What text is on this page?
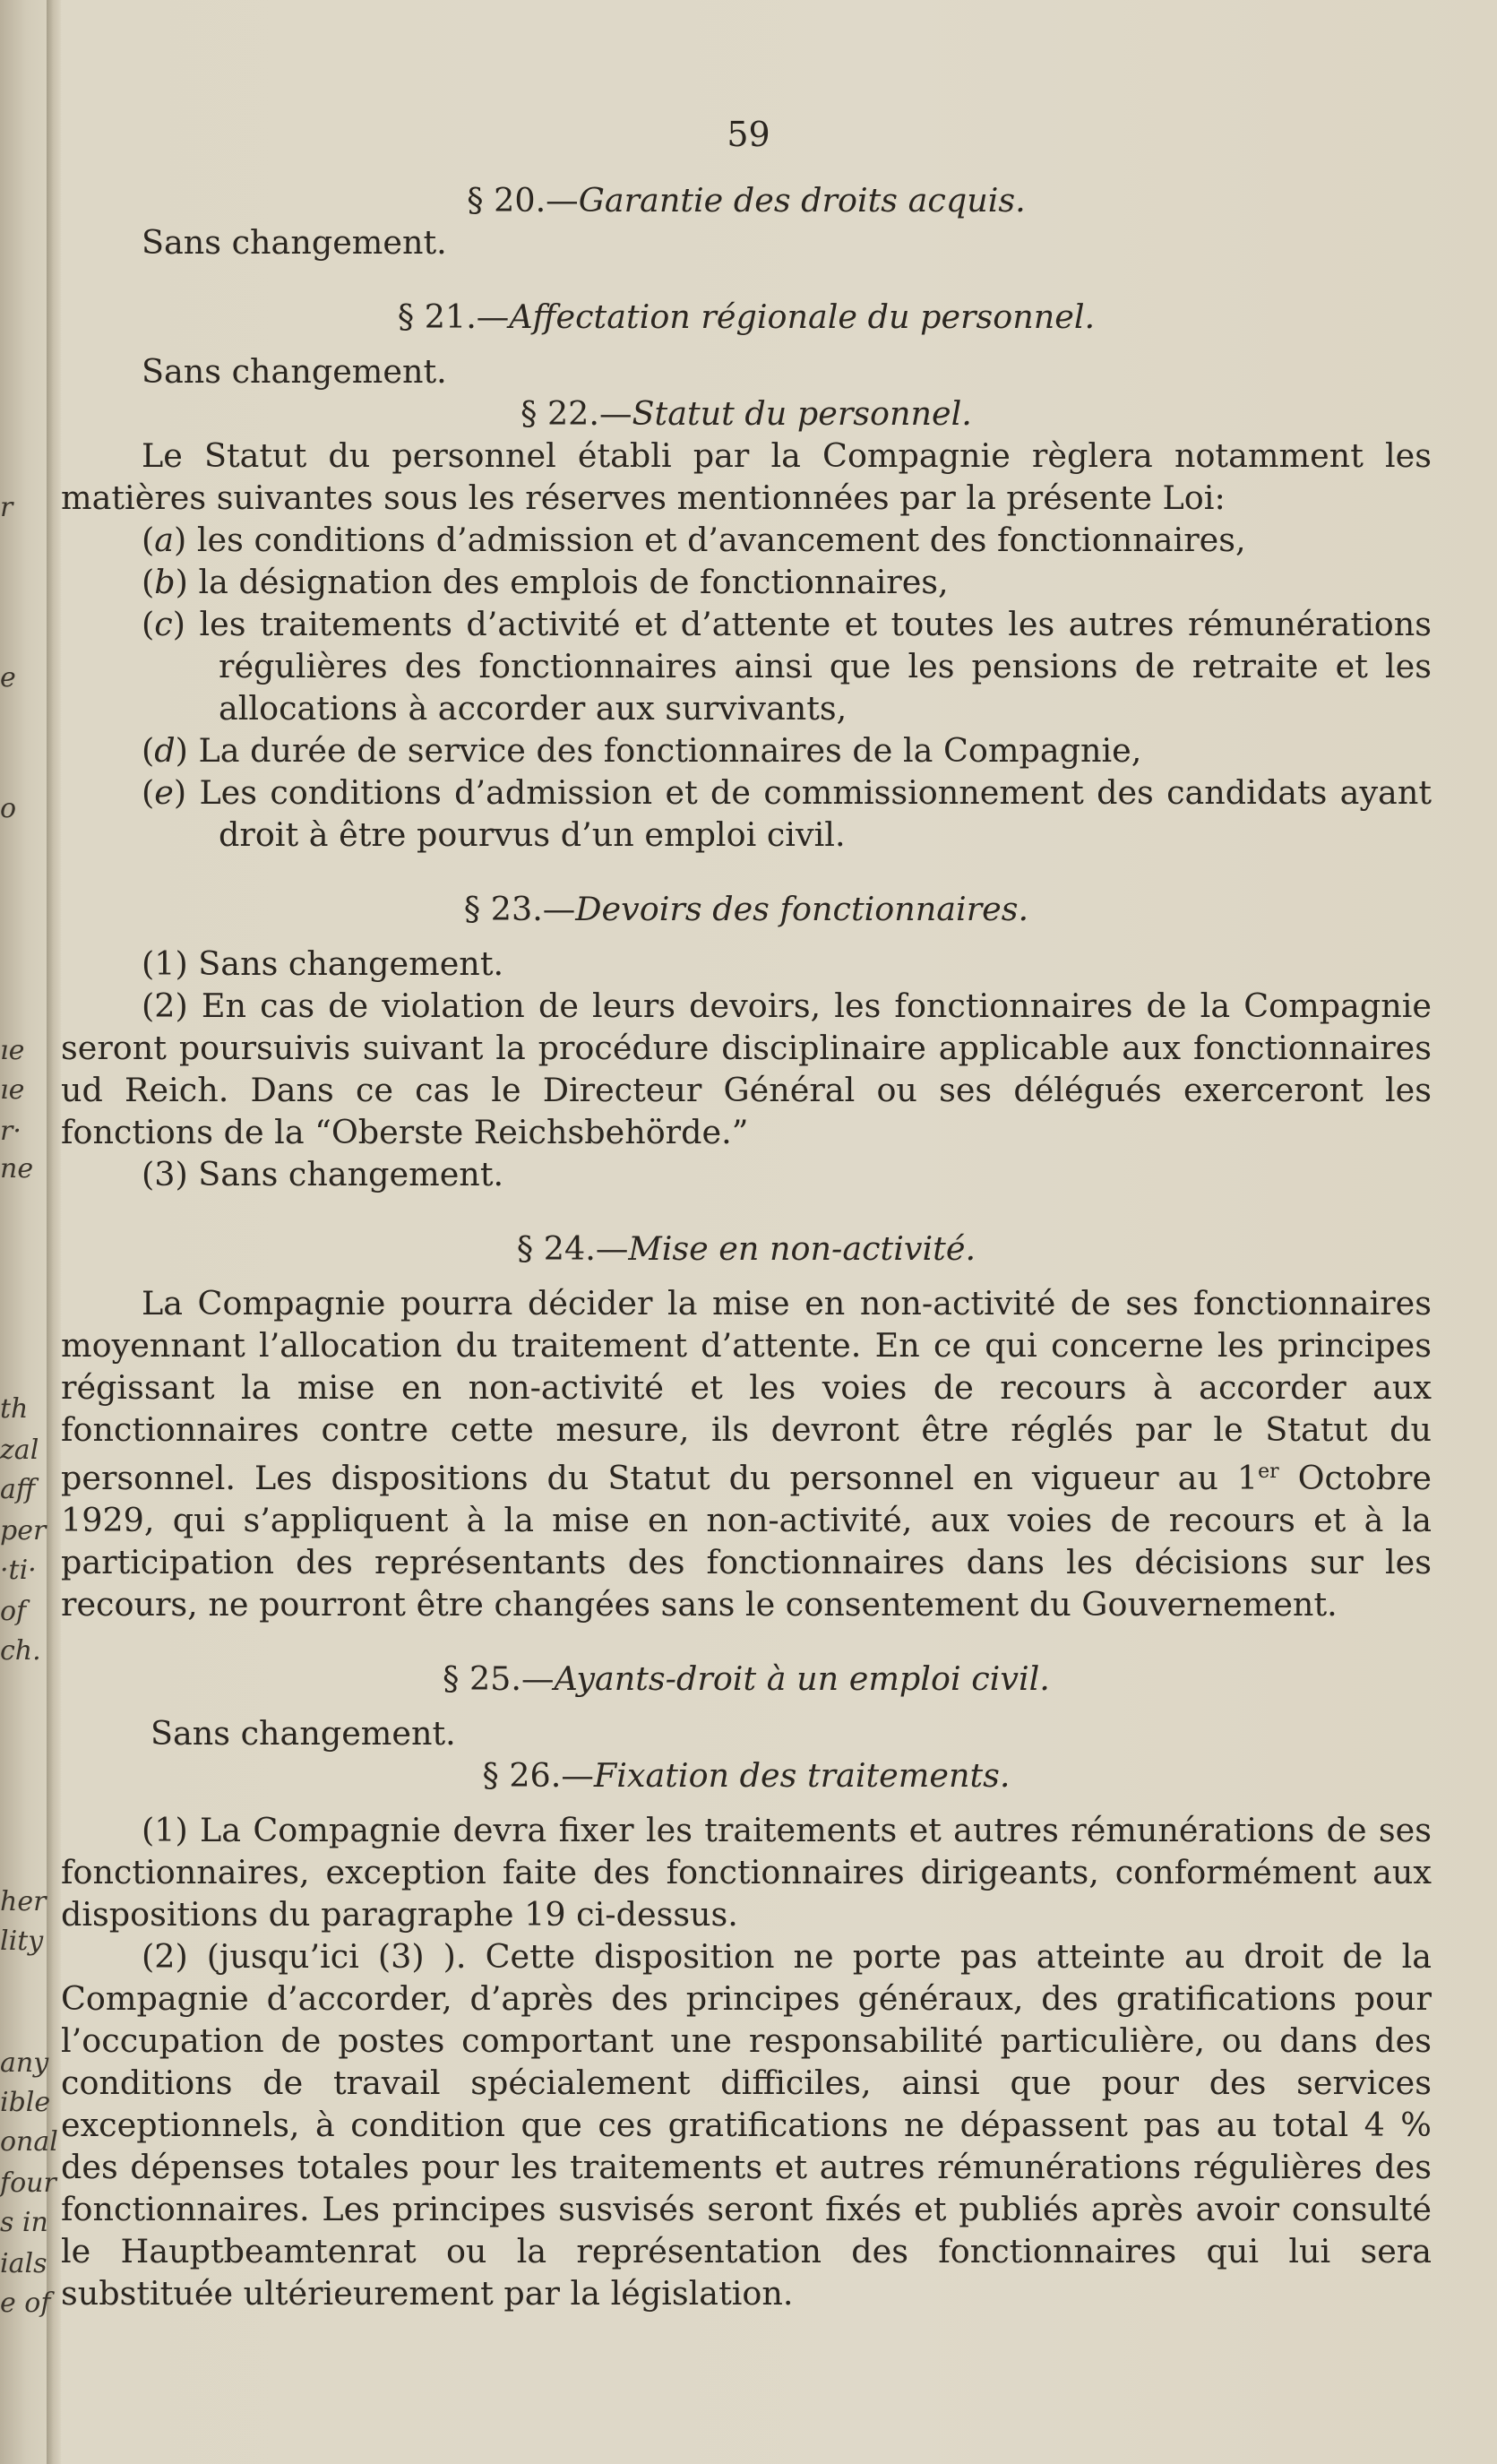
r
e
o
ıe
ıe
r·
ne
th
zal
aff
per
·ti·
of
ch.
her
lity
any
ible
onal
four
s in
ials
e of
59
§ 20.—Garantie des droits acquis.

Sans changement.

§ 21.—Affectation régionale du personnel.

Sans changement.

§ 22.—Statut du personnel.

Le Statut du personnel établi par la Compagnie règlera notamment les matières suivantes sous les réserves mentionnées par la présente Loi:

(a) les conditions d’admission et d’avancement des fonctionnaires,

(b) la désignation des emplois de fonctionnaires,

(c) les traitements d’activité et d’attente et toutes les autres rémunérations régulières des fonctionnaires ainsi que les pensions de retraite et les allocations à accorder aux survivants,

(d) La durée de service des fonctionnaires de la Compagnie,

(e) Les conditions d’admission et de commissionnement des candidats ayant droit à être pourvus d’un emploi civil.

§ 23.—Devoirs des fonctionnaires.

(1) Sans changement.

(2) En cas de violation de leurs devoirs, les fonctionnaires de la Compagnie seront poursuivis suivant la procédure disciplinaire applicable aux fonctionnaires ud Reich. Dans ce cas le Directeur Général ou ses délégués exerceront les fonctions de la “Oberste Reichsbehörde.”

(3) Sans changement.

§ 24.—Mise en non-activité.

La Compagnie pourra décider la mise en non-activité de ses fonctionnaires moyennant l’allocation du traitement d’attente. En ce qui concerne les principes régissant la mise en non-activité et les voies de recours à accorder aux fonctionnaires contre cette mesure, ils devront être réglés par le Statut du personnel. Les dispositions du Statut du personnel en vigueur au 1er Octobre 1929, qui s’appliquent à la mise en non-activité, aux voies de recours et à la participation des représentants des fonctionnaires dans les décisions sur les recours, ne pourront être changées sans le consentement du Gouvernement.

§ 25.—Ayants-droit à un emploi civil.

Sans changement.

§ 26.—Fixation des traitements.

(1) La Compagnie devra fixer les traitements et autres rémunérations de ses fonctionnaires, exception faite des fonctionnaires dirigeants, conformément aux dispositions du paragraphe 19 ci-dessus.

(2) (jusqu’ici (3) ). Cette disposition ne porte pas atteinte au droit de la Compagnie d’accorder, d’après des principes généraux, des gratifications pour l’occupation de postes comportant une responsabilité particulière, ou dans des conditions de travail spécialement difficiles, ainsi que pour des services exceptionnels, à condition que ces gratifications ne dépassent pas au total 4 % des dépenses totales pour les traitements et autres rémunérations régulières des fonctionnaires. Les principes susvisés seront fixés et publiés après avoir consulté le Hauptbeamtenrat ou la représentation des fonctionnaires qui lui sera substituée ultérieurement par la législation.
